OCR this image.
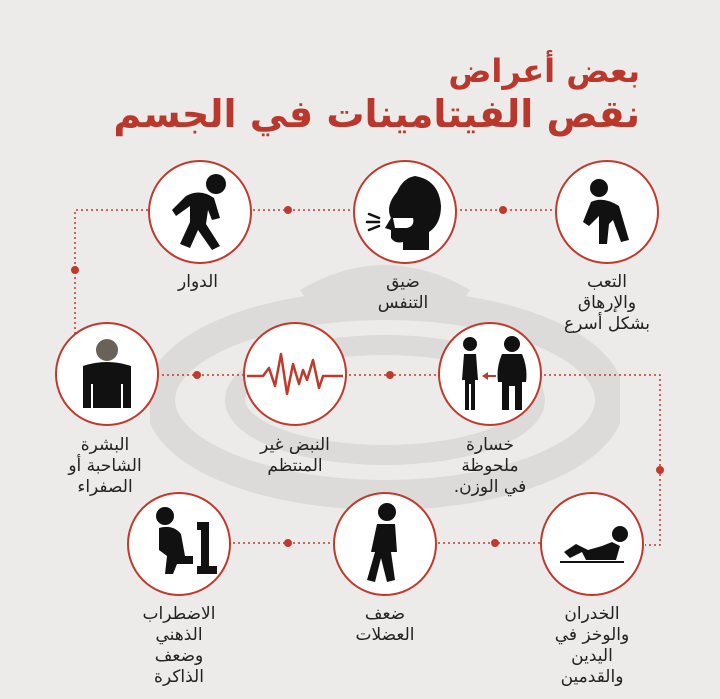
بعض أعراض
نقص الفيتامينات في الجسم
التعب
والإرهاق
بشكل أسرع
ضيق
التنفس
الدوار
خسارة
ملحوظة
في الوزن.
النبض غير
المنتظم
البشرة
الشاحبة أو
الصفراء
الخدران
والوخز في
اليدين
والقدمين
ضعف
العضلات
الاضطراب
الذهني
وضعف
الذاكرة
